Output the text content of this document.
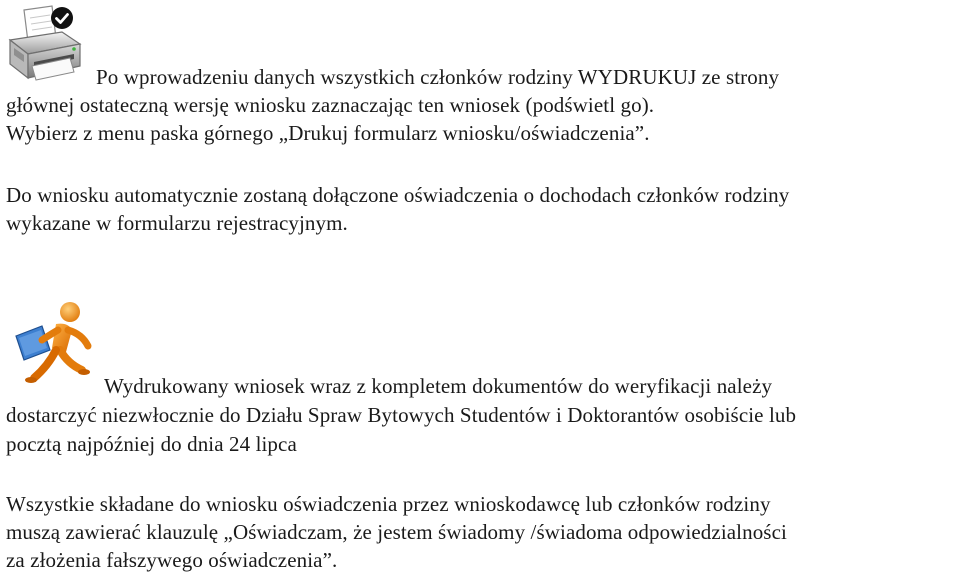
Po wprowadzeniu danych wszystkich członków rodziny WYDRUKUJ ze strony
głównej ostateczną wersję wniosku zaznaczając ten wniosek (podświetl go).
Wybierz z menu paska górnego „Drukuj formularz wniosku/oświadczenia”.
Do wniosku automatycznie zostaną dołączone oświadczenia o dochodach członków rodziny
wykazane w formularzu rejestracyjnym.
Wydrukowany wniosek wraz z kompletem dokumentów do weryfikacji należy
dostarczyć niezwłocznie do Działu Spraw Bytowych Studentów i Doktorantów osobiście lub
pocztą najpóźniej do dnia 24 lipca
Wszystkie składane do wniosku oświadczenia przez wnioskodawcę lub członków rodziny
muszą zawierać klauzulę „Oświadczam, że jestem świadomy /świadoma odpowiedzialności
za złożenia fałszywego oświadczenia”.
